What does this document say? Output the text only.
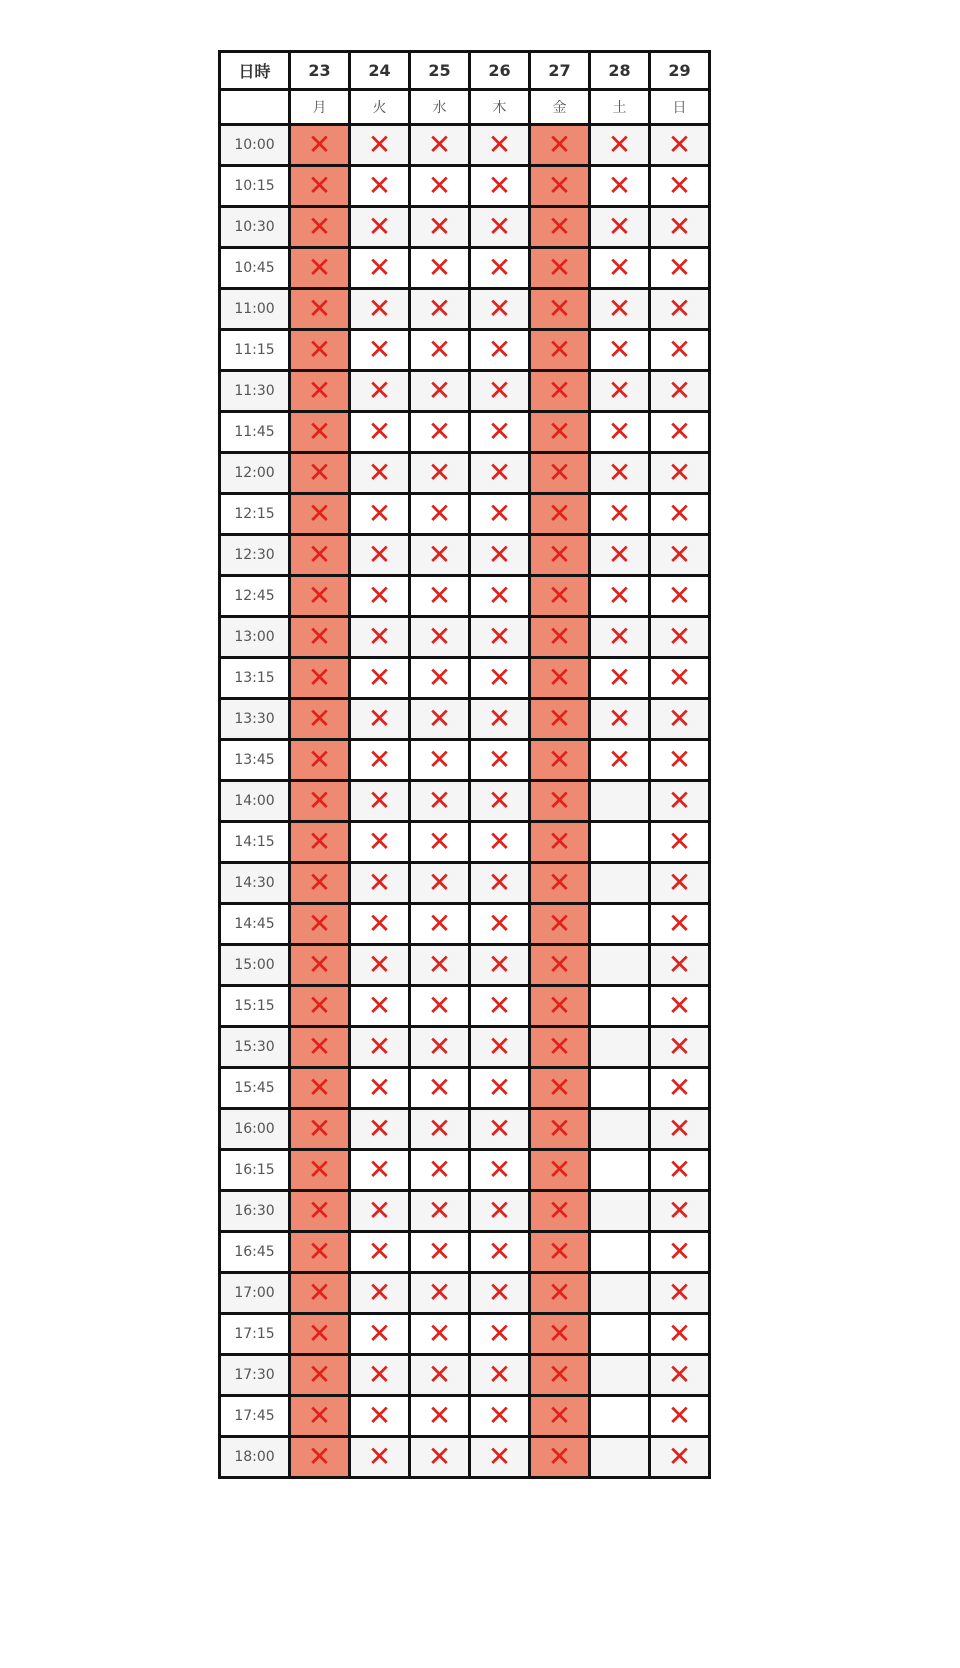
日時	23	24	25	26	27	28	29
	月	火	水	木	金	土	日
10:00	✕	✕	✕	✕	✕	✕	✕
10:15	✕	✕	✕	✕	✕	✕	✕
10:30	✕	✕	✕	✕	✕	✕	✕
10:45	✕	✕	✕	✕	✕	✕	✕
11:00	✕	✕	✕	✕	✕	✕	✕
11:15	✕	✕	✕	✕	✕	✕	✕
11:30	✕	✕	✕	✕	✕	✕	✕
11:45	✕	✕	✕	✕	✕	✕	✕
12:00	✕	✕	✕	✕	✕	✕	✕
12:15	✕	✕	✕	✕	✕	✕	✕
12:30	✕	✕	✕	✕	✕	✕	✕
12:45	✕	✕	✕	✕	✕	✕	✕
13:00	✕	✕	✕	✕	✕	✕	✕
13:15	✕	✕	✕	✕	✕	✕	✕
13:30	✕	✕	✕	✕	✕	✕	✕
13:45	✕	✕	✕	✕	✕	✕	✕
14:00	✕	✕	✕	✕	✕		✕
14:15	✕	✕	✕	✕	✕		✕
14:30	✕	✕	✕	✕	✕		✕
14:45	✕	✕	✕	✕	✕		✕
15:00	✕	✕	✕	✕	✕		✕
15:15	✕	✕	✕	✕	✕		✕
15:30	✕	✕	✕	✕	✕		✕
15:45	✕	✕	✕	✕	✕		✕
16:00	✕	✕	✕	✕	✕		✕
16:15	✕	✕	✕	✕	✕		✕
16:30	✕	✕	✕	✕	✕		✕
16:45	✕	✕	✕	✕	✕		✕
17:00	✕	✕	✕	✕	✕		✕
17:15	✕	✕	✕	✕	✕		✕
17:30	✕	✕	✕	✕	✕		✕
17:45	✕	✕	✕	✕	✕		✕
18:00	✕	✕	✕	✕	✕		✕
